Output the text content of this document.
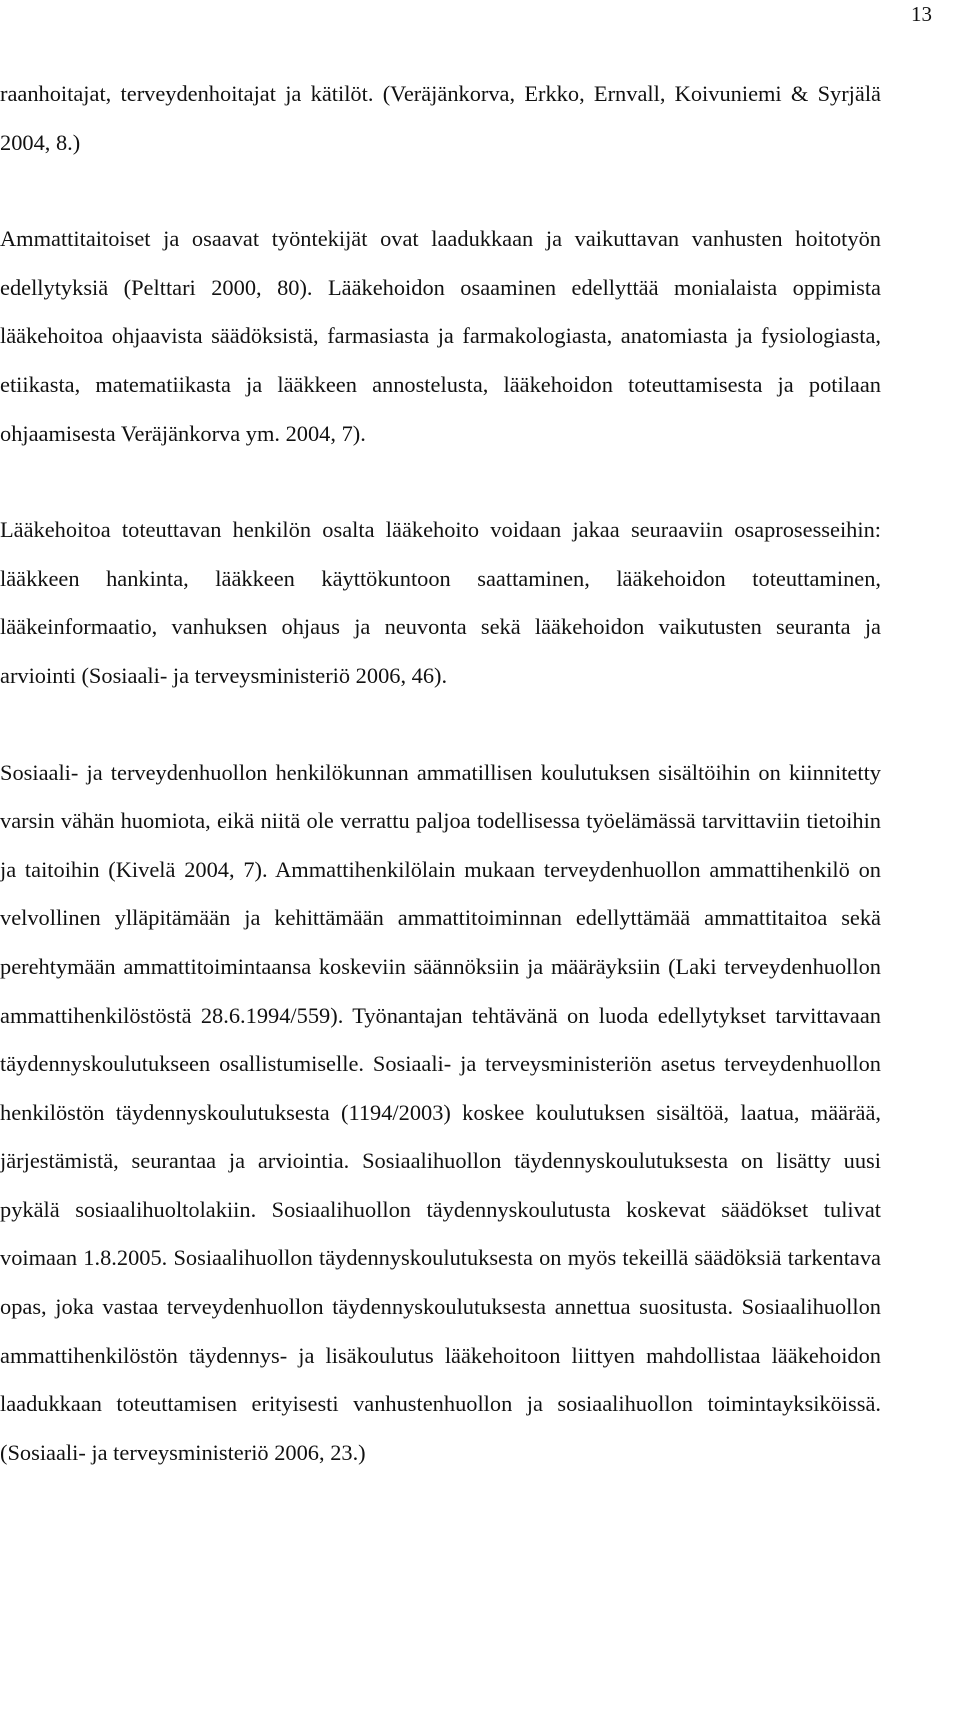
13

raanhoitajat, terveydenhoitajat ja kätilöt. (Veräjänkorva, Erkko, Ernvall, Koivuniemi & Syrjälä 2004, 8.)

Ammattitaitoiset ja osaavat työntekijät ovat laadukkaan ja vaikuttavan vanhusten hoitotyön edellytyksiä (Pelttari 2000, 80). Lääkehoidon osaaminen edellyttää monialaista oppimista lääkehoitoa ohjaavista säädöksistä, farmasiasta ja farmakologiasta, anatomiasta ja fysiologiasta, etiikasta, matematiikasta ja lääkkeen annostelusta, lääkehoidon toteuttamisesta ja potilaan ohjaamisesta Veräjänkorva ym. 2004, 7).

Lääkehoitoa toteuttavan henkilön osalta lääkehoito voidaan jakaa seuraaviin osaprosesseihin: lääkkeen hankinta, lääkkeen käyttökuntoon saattaminen, lääkehoidon toteuttaminen, lääkeinformaatio, vanhuksen ohjaus ja neuvonta sekä lääkehoidon vaikutusten seuranta ja arviointi (Sosiaali- ja terveysministeriö 2006, 46).

Sosiaali- ja terveydenhuollon henkilökunnan ammatillisen koulutuksen sisältöihin on kiinnitetty varsin vähän huomiota, eikä niitä ole verrattu paljoa todellisessa työelämässä tarvittaviin tietoihin ja taitoihin (Kivelä 2004, 7). Ammattihenkilölain mukaan terveydenhuollon ammattihenkilö on velvollinen ylläpitämään ja kehittämään ammattitoiminnan edellyttämää ammattitaitoa sekä perehtymään ammattitoimintaansa koskeviin säännöksiin ja määräyksiin (Laki terveydenhuollon ammattihenkilöstöstä 28.6.1994/559). Työnantajan tehtävänä on luoda edellytykset tarvittavaan täydennyskoulutukseen osallistumiselle. Sosiaali- ja terveysministeriön asetus terveydenhuollon henkilöstön täydennyskoulutuksesta (1194/2003) koskee koulutuksen sisältöä, laatua, määrää, järjestämistä, seurantaa ja arviointia. Sosiaalihuollon täydennyskoulutuksesta on lisätty uusi pykälä sosiaalihuoltolakiin. Sosiaalihuollon täydennyskoulutusta koskevat säädökset tulivat voimaan 1.8.2005. Sosiaalihuollon täydennyskoulutuksesta on myös tekeillä säädöksiä tarkentava opas, joka vastaa terveydenhuollon täydennyskoulutuksesta annettua suositusta. Sosiaalihuollon ammattihenkilöstön täydennys- ja lisäkoulutus lääkehoitoon liittyen mahdollistaa lääkehoidon laadukkaan toteuttamisen erityisesti vanhustenhuollon ja sosiaalihuollon toimintayksiköissä. (Sosiaali- ja terveysministeriö 2006, 23.)
